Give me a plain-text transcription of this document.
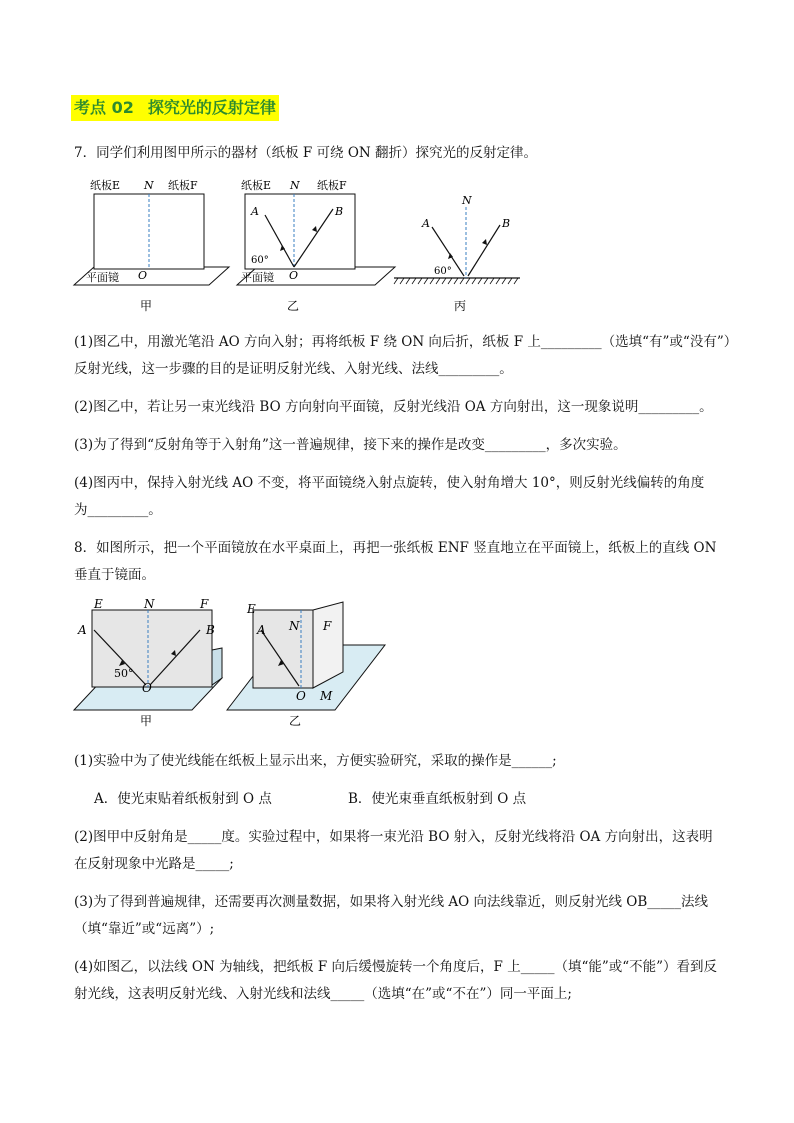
考点 02 探究光的反射定律
7．同学们利用图甲所示的器材（纸板 F 可绕 ON 翻折）探究光的反射定律。
纸板E N 纸板F
O
平面镜
甲
纸板E N 纸板F
A	B
60°
O
平面镜
乙
A
N
B
60°
丙
(1)图乙中，用激光笔沿 AO 方向入射；再将纸板 F 绕 ON 向后折，纸板 F 上_________（选填“有”或“没有”）
反射光线，这一步骤的目的是证明反射光线、入射光线、法线_________。
(2)图乙中，若让另一束光线沿 BO 方向射向平面镜，反射光线沿 OA 方向射出，这一现象说明_________。
(3)为了得到“反射角等于入射角”这一普遍规律，接下来的操作是改变_________，多次实验。
(4)图丙中，保持入射光线 AO 不变，将平面镜绕入射点旋转，使入射角增大 10°，则反射光线偏转的角度
为_________。
8．如图所示，把一个平面镜放在水平桌面上，再把一张纸板 ENF 竖直地立在平面镜上，纸板上的直线 ON
垂直于镜面。
E	N	F
A	B
50°
O
甲
E
N F
A
O M
乙
(1)实验中为了使光线能在纸板上显示出来，方便实验研究，采取的操作是______;
A．使光束贴着纸板射到 O 点	B．使光束垂直纸板射到 O 点
(2)图甲中反射角是_____度。实验过程中，如果将一束光沿 BO 射入，反射光线将沿 OA 方向射出，这表明
在反射现象中光路是_____;
(3)为了得到普遍规律，还需要再次测量数据，如果将入射光线 AO 向法线靠近，则反射光线 OB_____法线
（填“靠近”或“远离”）;
(4)如图乙，以法线 ON 为轴线，把纸板 F 向后缓慢旋转一个角度后，F 上_____（填“能”或“不能”）看到反
射光线，这表明反射光线、入射光线和法线_____（选填“在”或“不在”）同一平面上;
